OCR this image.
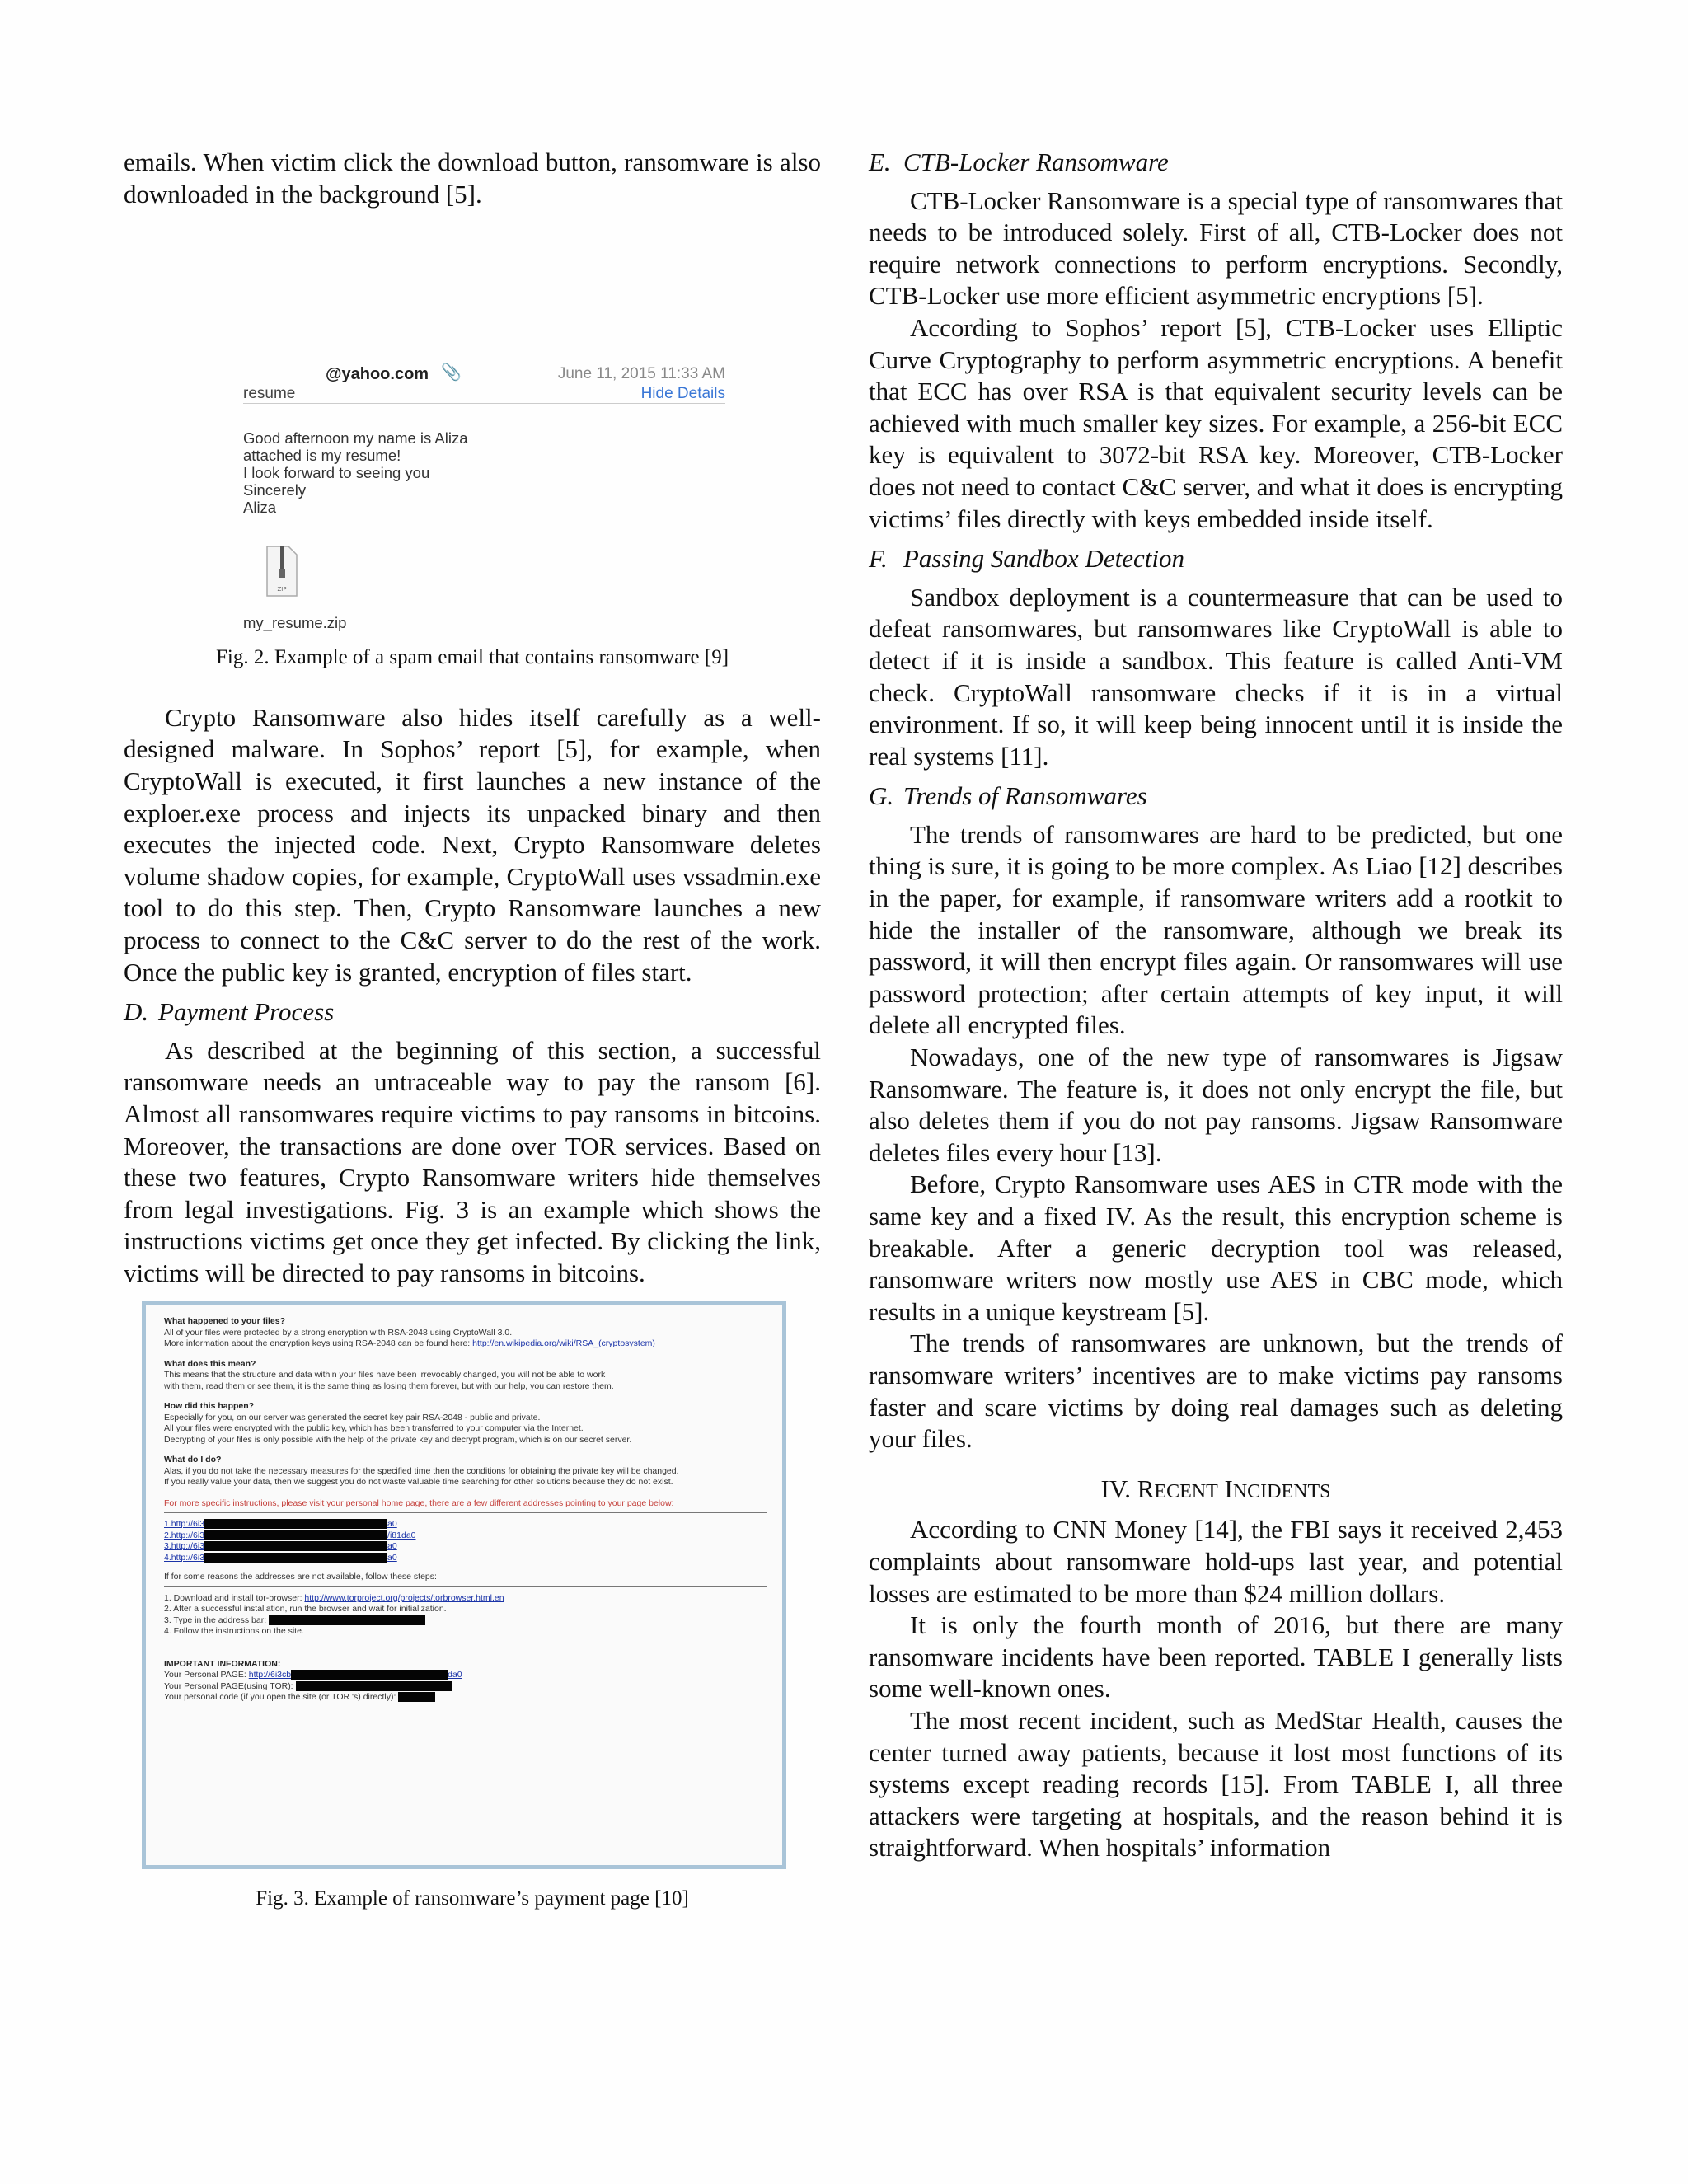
emails. When victim click the download button, ransomware is also downloaded in the background [5].

@yahoo.com 📎	June 11, 2015 11:33 AM
resume	Hide Details
Good afternoon my name is Aliza
attached is my resume!
I look forward to seeing you
Sincerely
Aliza
ZIP
my_resume.zip

Fig. 2. Example of a spam email that contains ransomware [9]

Crypto Ransomware also hides itself carefully as a well-designed malware. In Sophos’ report [5], for example, when CryptoWall is executed, it first launches a new instance of the exploer.exe process and injects its unpacked binary and then executes the injected code. Next, Crypto Ransomware deletes volume shadow copies, for example, CryptoWall uses vssadmin.exe tool to do this step. Then, Crypto Ransomware launches a new process to connect to the C&C server to do the rest of the work. Once the public key is granted, encryption of files start.

D. Payment Process

As described at the beginning of this section, a successful ransomware needs an untraceable way to pay the ransom [6]. Almost all ransomwares require victims to pay ransoms in bitcoins. Moreover, the transactions are done over TOR services. Based on these two features, Crypto Ransomware writers hide themselves from legal investigations. Fig. 3 is an example which shows the instructions victims get once they get infected. By clicking the link, victims will be directed to pay ransoms in bitcoins.

What happened to your files?
All of your files were protected by a strong encryption with RSA-2048 using CryptoWall 3.0.
More information about the encryption keys using RSA-2048 can be found here: http://en.wikipedia.org/wiki/RSA_(cryptosystem)
What does this mean?
This means that the structure and data within your files have been irrevocably changed, you will not be able to work
with them, read them or see them, it is the same thing as losing them forever, but with our help, you can restore them.
How did this happen?
Especially for you, on our server was generated the secret key pair RSA-2048 - public and private.
All your files were encrypted with the public key, which has been transferred to your computer via the Internet.
Decrypting of your files is only possible with the help of the private key and decrypt program, which is on our secret server.
What do I do?
Alas, if you do not take the necessary measures for the specified time then the conditions for obtaining the private key will be changed.
If you really value your data, then we suggest you do not waste valuable time searching for other solutions because they do not exist.
For more specific instructions, please visit your personal home page, there are a few different addresses pointing to your page below:
1.http://6i3	a0
2.http://6i3	/i81da0
3.http://6i3	a0
4.http://6i3	a0
If for some reasons the addresses are not available, follow these steps:
1. Download and install tor-browser: http://www.torproject.org/projects/torbrowser.html.en
2. After a successful installation, run the browser and wait for initialization.
3. Type in the address bar:
4. Follow the instructions on the site.
IMPORTANT INFORMATION:
Your Personal PAGE: http://6i3cb	da0
Your Personal PAGE(using TOR):
Your personal code (if you open the site (or TOR 's) directly):

Fig. 3. Example of ransomware’s payment page [10]

E. CTB-Locker Ransomware

CTB-Locker Ransomware is a special type of ransomwares that needs to be introduced solely. First of all, CTB-Locker does not require network connections to perform encryptions. Secondly, CTB-Locker use more efficient asymmetric encryptions [5].

According to Sophos’ report [5], CTB-Locker uses Elliptic Curve Cryptography to perform asymmetric encryptions. A benefit that ECC has over RSA is that equivalent security levels can be achieved with much smaller key sizes. For example, a 256-bit ECC key is equivalent to 3072-bit RSA key. Moreover, CTB-Locker does not need to contact C&C server, and what it does is encrypting victims’ files directly with keys embedded inside itself.

F. Passing Sandbox Detection

Sandbox deployment is a countermeasure that can be used to defeat ransomwares, but ransomwares like CryptoWall is able to detect if it is inside a sandbox. This feature is called Anti-VM check. CryptoWall ransomware checks if it is in a virtual environment. If so, it will keep being innocent until it is inside the real systems [11].

G. Trends of Ransomwares

The trends of ransomwares are hard to be predicted, but one thing is sure, it is going to be more complex. As Liao [12] describes in the paper, for example, if ransomware writers add a rootkit to hide the installer of the ransomware, although we break its password, it will then encrypt files again. Or ransomwares will use password protection; after certain attempts of key input, it will delete all encrypted files.

Nowadays, one of the new type of ransomwares is Jigsaw Ransomware. The feature is, it does not only encrypt the file, but also deletes them if you do not pay ransoms. Jigsaw Ransomware deletes files every hour [13].

Before, Crypto Ransomware uses AES in CTR mode with the same key and a fixed IV. As the result, this encryption scheme is breakable. After a generic decryption tool was released, ransomware writers now mostly use AES in CBC mode, which results in a unique keystream [5].

The trends of ransomwares are unknown, but the trends of ransomware writers’ incentives are to make victims pay ransoms faster and scare victims by doing real damages such as deleting your files.

IV. RECENT INCIDENTS

According to CNN Money [14], the FBI says it received 2,453 complaints about ransomware hold-ups last year, and potential losses are estimated to be more than $24 million dollars.

It is only the fourth month of 2016, but there are many ransomware incidents have been reported. TABLE I generally lists some well-known ones.

The most recent incident, such as MedStar Health, causes the center turned away patients, because it lost most functions of its systems except reading records [15]. From TABLE I, all three attackers were targeting at hospitals, and the reason behind it is straightforward. When hospitals’ information
